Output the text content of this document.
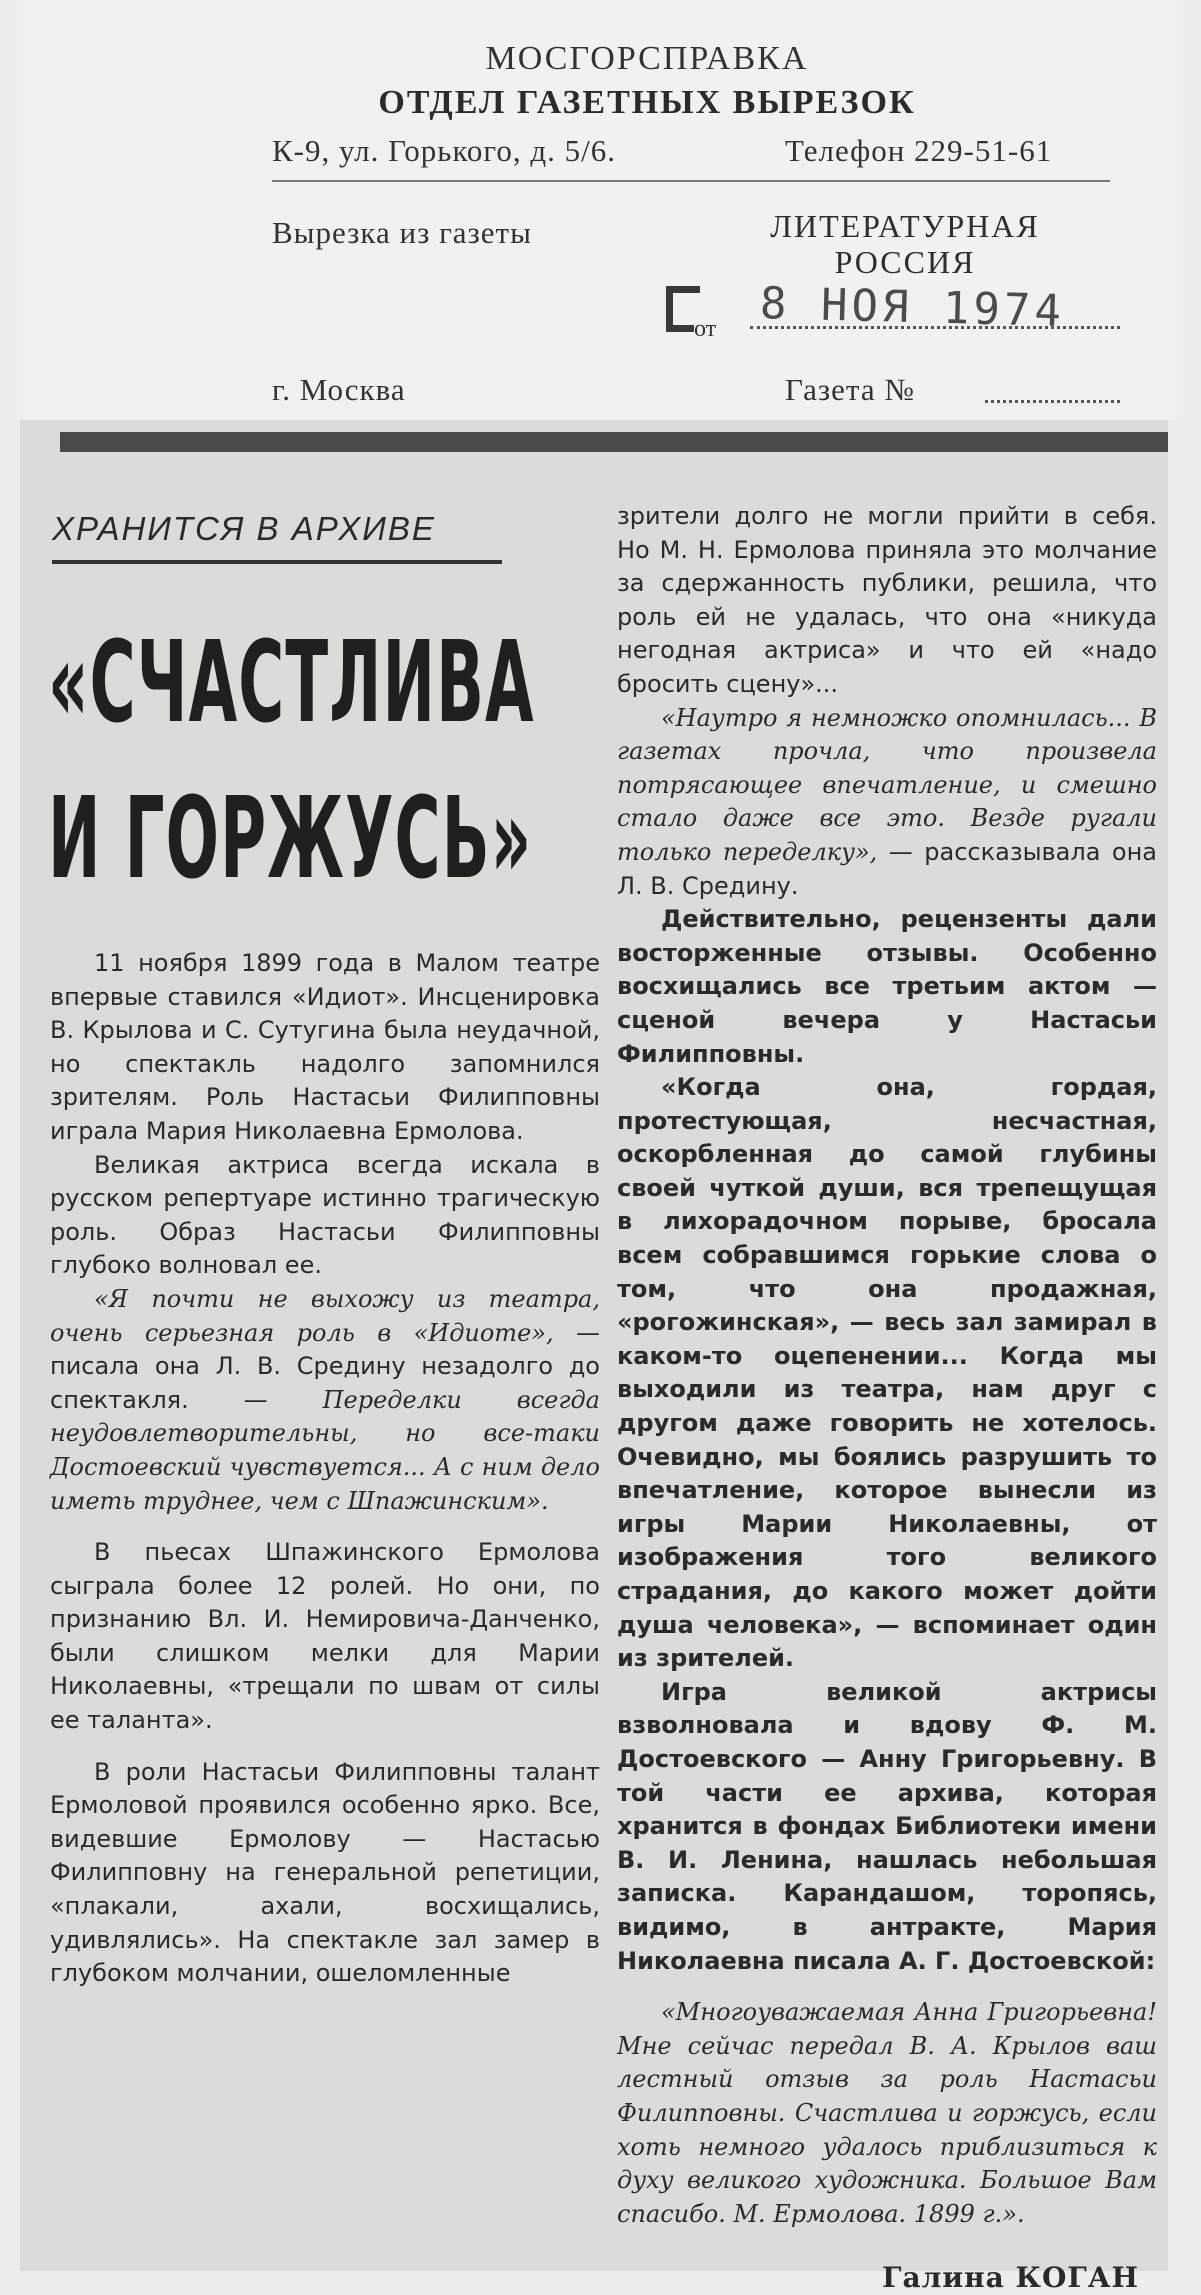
МОСГОРСПРАВКА
ОТДЕЛ ГАЗЕТНЫХ ВЫРЕЗОК
К-9, ул. Горького, д. 5/6.	Телефон 229-51-61
Вырезка из газеты	ЛИТЕРАТУРНАЯ
РОССИЯ
от 8 НОЯ 1974
г. Москва	Газета №
ХРАНИТСЯ В АРХИВЕ
«СЧАСТЛИВА
И ГОРЖУСЬ»

11 ноября 1899 года в Малом театре впервые ставился «Идиот». Инсценировка В. Крылова и С. Сутугина была неудачной, но спектакль надолго запомнился зрителям. Роль Настасьи Филипповны играла Мария Николаевна Ермолова.

Великая актриса всегда искала в русском репертуаре истинно трагическую роль. Образ Настасьи Филипповны глубоко волновал ее.

«Я почти не выхожу из театра, очень серьезная роль в «Идиоте», — писала она Л. В. Средину незадолго до спектакля. — Переделки всегда неудовлетворительны, но все-таки Достоевский чувствуется... А с ним дело иметь труднее, чем с Шпажинским».

В пьесах Шпажинского Ермолова сыграла более 12 ролей. Но они, по признанию Вл. И. Немировича-Данченко, были слишком мелки для Марии Николаевны, «трещали по швам от силы ее таланта».

В роли Настасьи Филипповны талант Ермоловой проявился особенно ярко. Все, видевшие Ермолову — Настасью Филипповну на генеральной репетиции, «плакали, ахали, восхищались, удивлялись». На спектакле зал замер в глубоком молчании, ошеломленные

зрители долго не могли прийти в себя. Но М. Н. Ермолова приняла это молчание за сдержанность публики, решила, что роль ей не удалась, что она «никуда негодная актриса» и что ей «надо бросить сцену»...

«Наутро я немножко опомнилась... В газетах прочла, что произвела потрясающее впечатление, и смешно стало даже все это. Везде ругали только переделку», — рассказывала она Л. В. Средину.

Действительно, рецензенты дали восторженные отзывы. Особенно восхищались все третьим актом — сценой вечера у Настасьи Филипповны.

«Когда она, гордая, протестующая, несчастная, оскорбленная до самой глубины своей чуткой души, вся трепещущая в лихорадочном порыве, бросала всем собравшимся горькие слова о том, что она продажная, «рогожинская», — весь зал замирал в каком-то оцепенении... Когда мы выходили из театра, нам друг с другом даже говорить не хотелось. Очевидно, мы боялись разрушить то впечатление, которое вынесли из игры Марии Николаевны, от изображения того великого страдания, до какого может дойти душа человека», — вспоминает один из зрителей.

Игра великой актрисы взволновала и вдову Ф. М. Достоевского — Анну Григорьевну. В той части ее архива, которая хранится в фондах Библиотеки имени В. И. Ленина, нашлась небольшая записка. Карандашом, торопясь, видимо, в антракте, Мария Николаевна писала А. Г. Достоевской:

«Многоуважаемая Анна Григорьевна! Мне сейчас передал В. А. Крылов ваш лестный отзыв за роль Настасьи Филипповны. Счастлива и горжусь, если хоть немного удалось приблизиться к духу великого художника. Большое Вам спасибо. М. Ермолова. 1899 г.».

Галина КОГАН
